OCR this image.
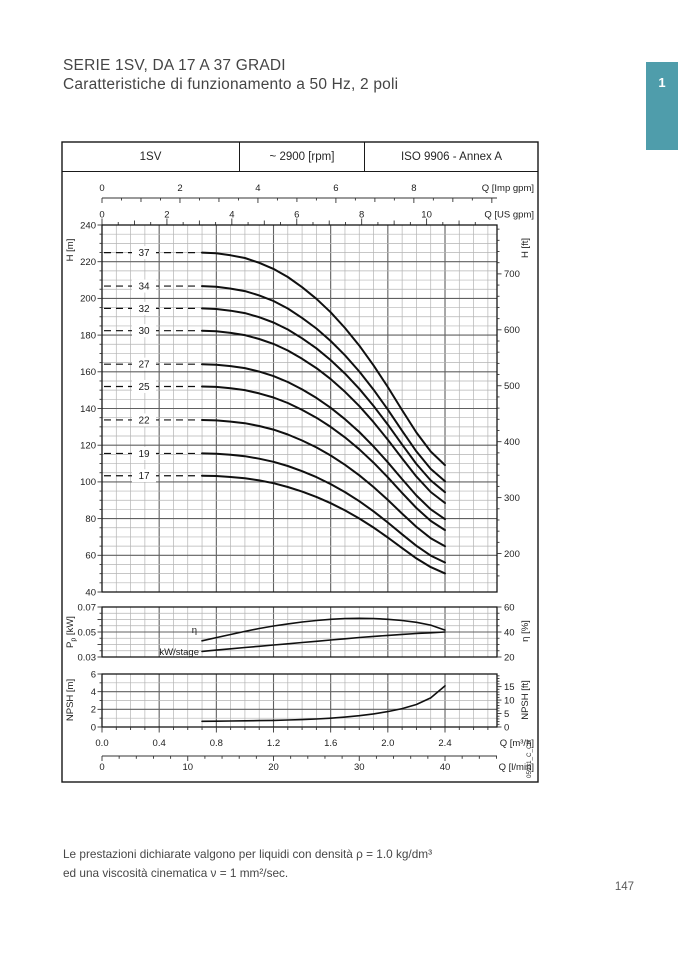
SERIE 1SV, DA 17 A 37 GRADI
Caratteristiche di funzionamento a 50 Hz, 2 poli	1
1SV	~ 2900 [rpm]	ISO 9906 - Annex A
0	2	4	6	8	Q [Imp gpm]
0	2	4	6	8	10	Q [US gpm]
40
60
80
100
120
140
160
180
200
220
240
H [m]
200
300
400
500
600
700
H [ft]
17
19
22
25
27
30
32
34
37
0.03
0.05
0.07
$P_p$ [kW]
20
40
60
η [%]
η
kW/stage
0
2
4
6
NPSH [m]
0
5
10
15 NPSH [ft]
0.0	0.4	0.8	1.2	1.6	2.0	2.4	Q [m³/h]
0	10	20	30	40	Q [l/min]
05931_C_CH
Le prestazioni dichiarate valgono per liquidi con densità ρ = 1.0 kg/dm³
ed una viscosità cinematica ν = 1 mm²/sec.
147
